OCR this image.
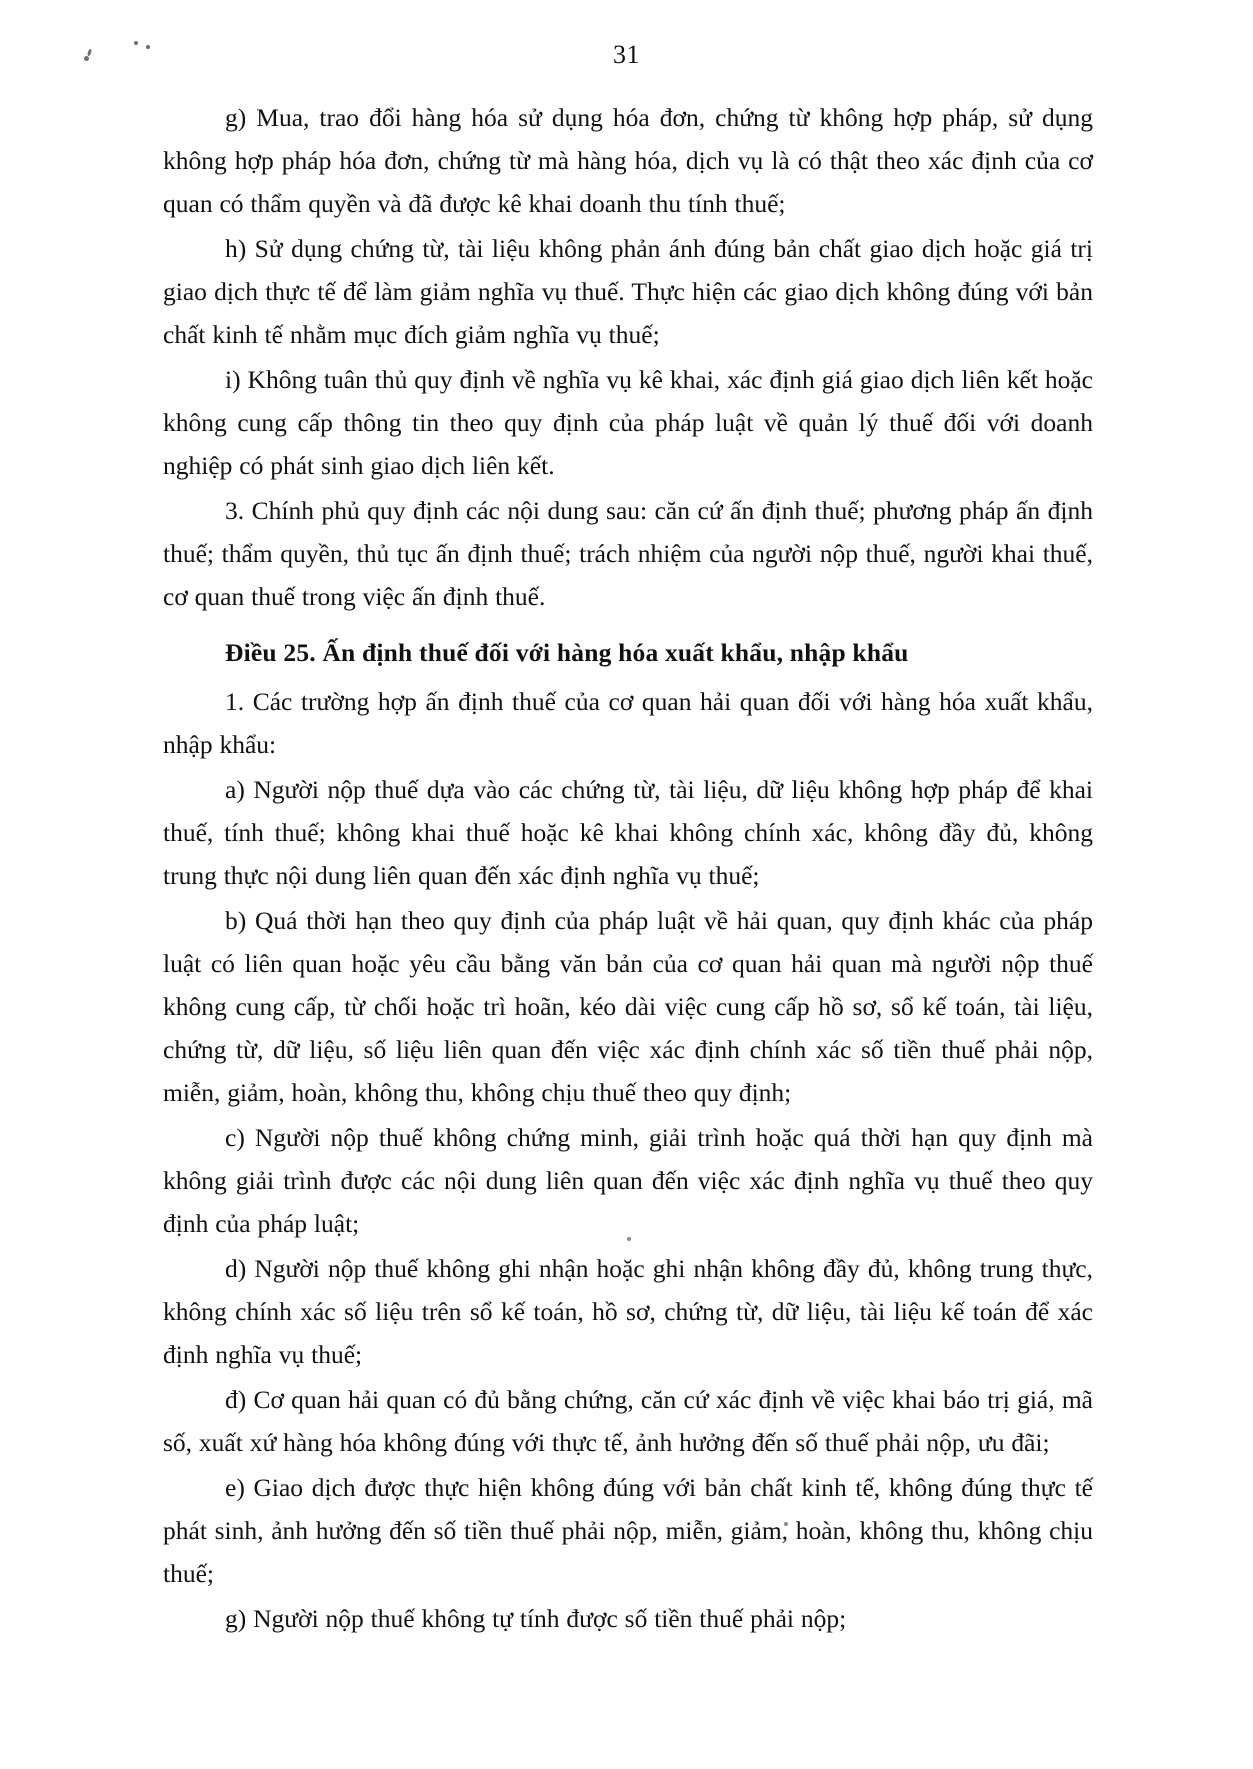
31

g) Mua, trao đổi hàng hóa sử dụng hóa đơn, chứng từ không hợp pháp, sử dụng không hợp pháp hóa đơn, chứng từ mà hàng hóa, dịch vụ là có thật theo xác định của cơ quan có thẩm quyền và đã được kê khai doanh thu tính thuế;

h) Sử dụng chứng từ, tài liệu không phản ánh đúng bản chất giao dịch hoặc giá trị giao dịch thực tế để làm giảm nghĩa vụ thuế. Thực hiện các giao dịch không đúng với bản chất kinh tế nhằm mục đích giảm nghĩa vụ thuế;

i) Không tuân thủ quy định về nghĩa vụ kê khai, xác định giá giao dịch liên kết hoặc không cung cấp thông tin theo quy định của pháp luật về quản lý thuế đối với doanh nghiệp có phát sinh giao dịch liên kết.

3. Chính phủ quy định các nội dung sau: căn cứ ấn định thuế; phương pháp ấn định thuế; thẩm quyền, thủ tục ấn định thuế; trách nhiệm của người nộp thuế, người khai thuế, cơ quan thuế trong việc ấn định thuế.

Điều 25. Ấn định thuế đối với hàng hóa xuất khẩu, nhập khẩu

1. Các trường hợp ấn định thuế của cơ quan hải quan đối với hàng hóa xuất khẩu, nhập khẩu:

a) Người nộp thuế dựa vào các chứng từ, tài liệu, dữ liệu không hợp pháp để khai thuế, tính thuế; không khai thuế hoặc kê khai không chính xác, không đầy đủ, không trung thực nội dung liên quan đến xác định nghĩa vụ thuế;

b) Quá thời hạn theo quy định của pháp luật về hải quan, quy định khác của pháp luật có liên quan hoặc yêu cầu bằng văn bản của cơ quan hải quan mà người nộp thuế không cung cấp, từ chối hoặc trì hoãn, kéo dài việc cung cấp hồ sơ, sổ kế toán, tài liệu, chứng từ, dữ liệu, số liệu liên quan đến việc xác định chính xác số tiền thuế phải nộp, miễn, giảm, hoàn, không thu, không chịu thuế theo quy định;

c) Người nộp thuế không chứng minh, giải trình hoặc quá thời hạn quy định mà không giải trình được các nội dung liên quan đến việc xác định nghĩa vụ thuế theo quy định của pháp luật;

d) Người nộp thuế không ghi nhận hoặc ghi nhận không đầy đủ, không trung thực, không chính xác số liệu trên sổ kế toán, hồ sơ, chứng từ, dữ liệu, tài liệu kế toán để xác định nghĩa vụ thuế;

đ) Cơ quan hải quan có đủ bằng chứng, căn cứ xác định về việc khai báo trị giá, mã số, xuất xứ hàng hóa không đúng với thực tế, ảnh hưởng đến số thuế phải nộp, ưu đãi;

e) Giao dịch được thực hiện không đúng với bản chất kinh tế, không đúng thực tế phát sinh, ảnh hưởng đến số tiền thuế phải nộp, miễn, giảm, hoàn, không thu, không chịu thuế;

g) Người nộp thuế không tự tính được số tiền thuế phải nộp;
